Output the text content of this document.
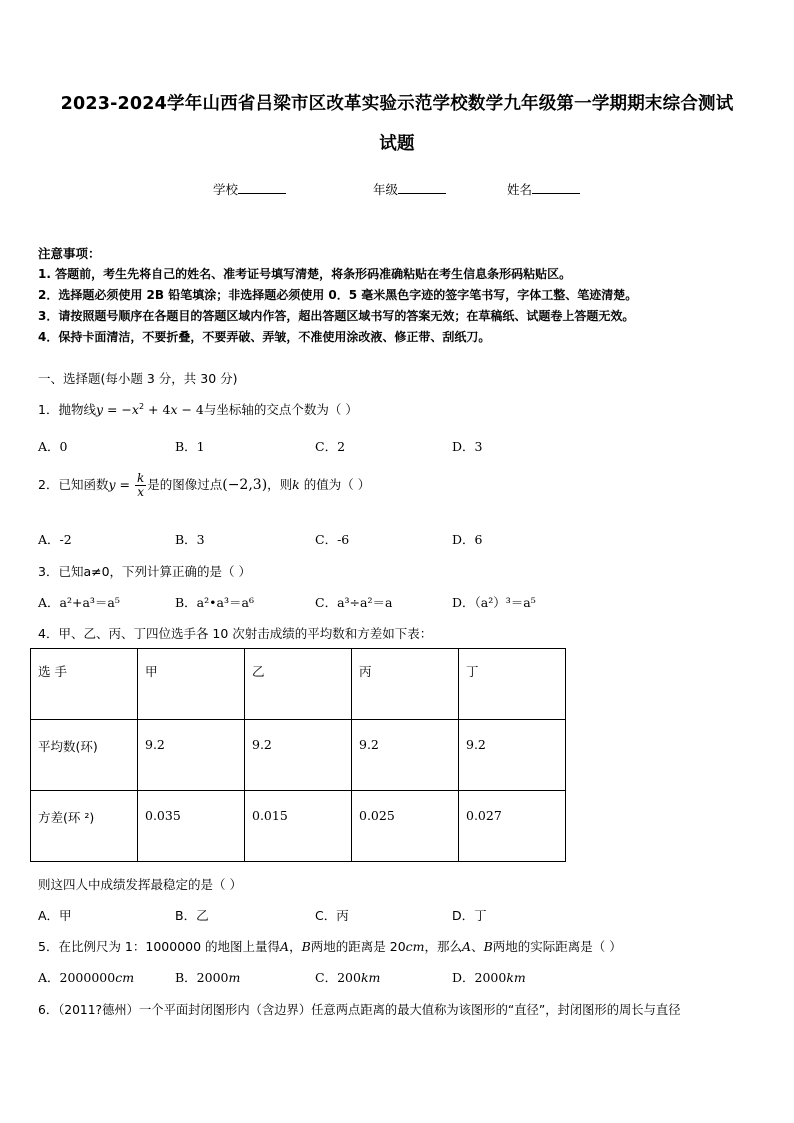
2023-2024学年山西省吕梁市区改革实验示范学校数学九年级第一学期期末综合测试
试题
学校	年级	姓名
注意事项：
1. 答题前，考生先将自己的姓名、准考证号填写清楚，将条形码准确粘贴在考生信息条形码粘贴区。
2．选择题必须使用 2B 铅笔填涂；非选择题必须使用 0．5 毫米黑色字迹的签字笔书写，字体工整、笔迹清楚。
3．请按照题号顺序在各题目的答题区域内作答，超出答题区域书写的答案无效；在草稿纸、试题卷上答题无效。
4．保持卡面清洁，不要折叠，不要弄破、弄皱，不准使用涂改液、修正带、刮纸刀。
一、选择题(每小题 3 分，共 30 分)
1．抛物线$y = -x^2 + 4x - 4$与坐标轴的交点个数为（ ）
A．0	B．1	C．2	D．3
2．已知函数$y = \frac{k}{x}$ 是的图像过点(−2,3)，则k 的值为（ ）
A．-2	B．3	C．-6	D．6
3．已知a≠0，下列计算正确的是（ ）
A．a²+a³＝a⁵	B．a²•a³＝a⁶	C．a³÷a²＝a	D．（a²）³＝a⁵
4．甲、乙、丙、丁四位选手各 10 次射击成绩的平均数和方差如下表：
选 手	甲	乙	丙	丁
平均数(环)	9.2	9.2	9.2	9.2
方差(环 ²)	0.035	0.015	0.025	0.027
则这四人中成绩发挥最稳定的是（ ）
A．甲	B．乙	C．丙	D．丁
5．在比例尺为 1：1000000 的地图上量得A，B两地的距离是 20cm，那么A、B两地的实际距离是（ ）
A．2000000cm	B．2000m	C．200km	D．2000km
6．（2011?德州）一个平面封闭图形内（含边界）任意两点距离的最大值称为该图形的“直径”，封闭图形的周长与直径
